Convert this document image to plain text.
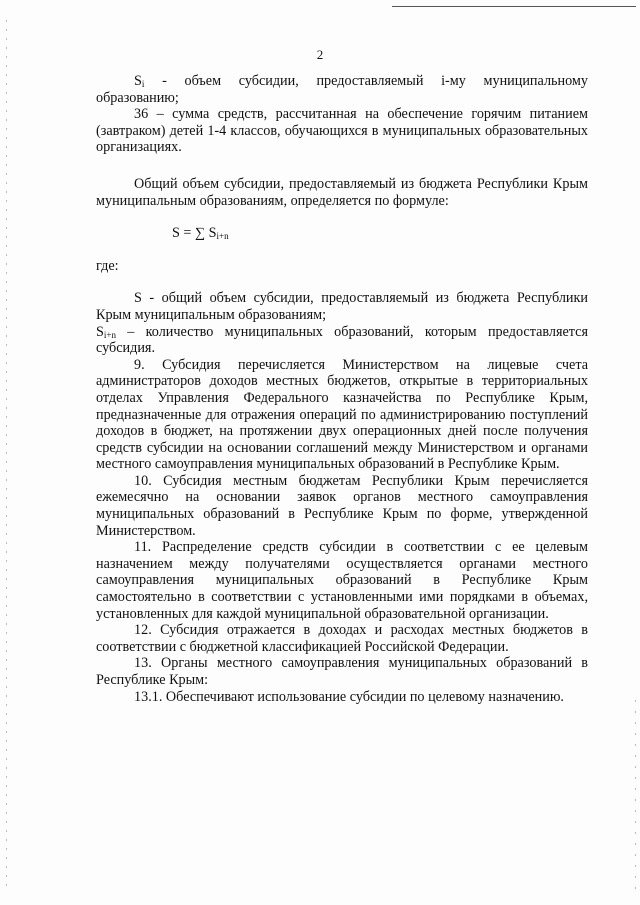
2

$S_i$ - объем субсидии, предоставляемый i-му муниципальному образованию;

36 – сумма средств, рассчитанная на обеспечение горячим питанием (завтраком) детей 1-4 классов, обучающихся в муниципальных образовательных организациях.

Общий объем субсидии, предоставляемый из бюджета Республики Крым муниципальным образованиям, определяется по формуле:

S = ∑ $S_{i+n}$

где:

S - общий объем субсидии, предоставляемый из бюджета Республики Крым муниципальным образованиям;

$S_{i+n}$ – количество муниципальных образований, которым предоставляется субсидия.

9. Субсидия перечисляется Министерством на лицевые счета администраторов доходов местных бюджетов, открытые в территориальных отделах Управления Федерального казначейства по Республике Крым, предназначенные для отражения операций по администрированию поступлений доходов в бюджет, на протяжении двух операционных дней после получения средств субсидии на основании соглашений между Министерством и органами местного самоуправления муниципальных образований в Республике Крым.

10. Субсидия местным бюджетам Республики Крым перечисляется ежемесячно на основании заявок органов местного самоуправления муниципальных образований в Республике Крым по форме, утвержденной Министерством.

11. Распределение средств субсидии в соответствии с ее целевым назначением между получателями осуществляется органами местного самоуправления муниципальных образований в Республике Крым самостоятельно в соответствии с установленными ими порядками в объемах, установленных для каждой муниципальной образовательной организации.

12. Субсидия отражается в доходах и расходах местных бюджетов в соответствии с бюджетной классификацией Российской Федерации.

13. Органы местного самоуправления муниципальных образований в Республике Крым:

13.1. Обеспечивают использование субсидии по целевому назначению.
